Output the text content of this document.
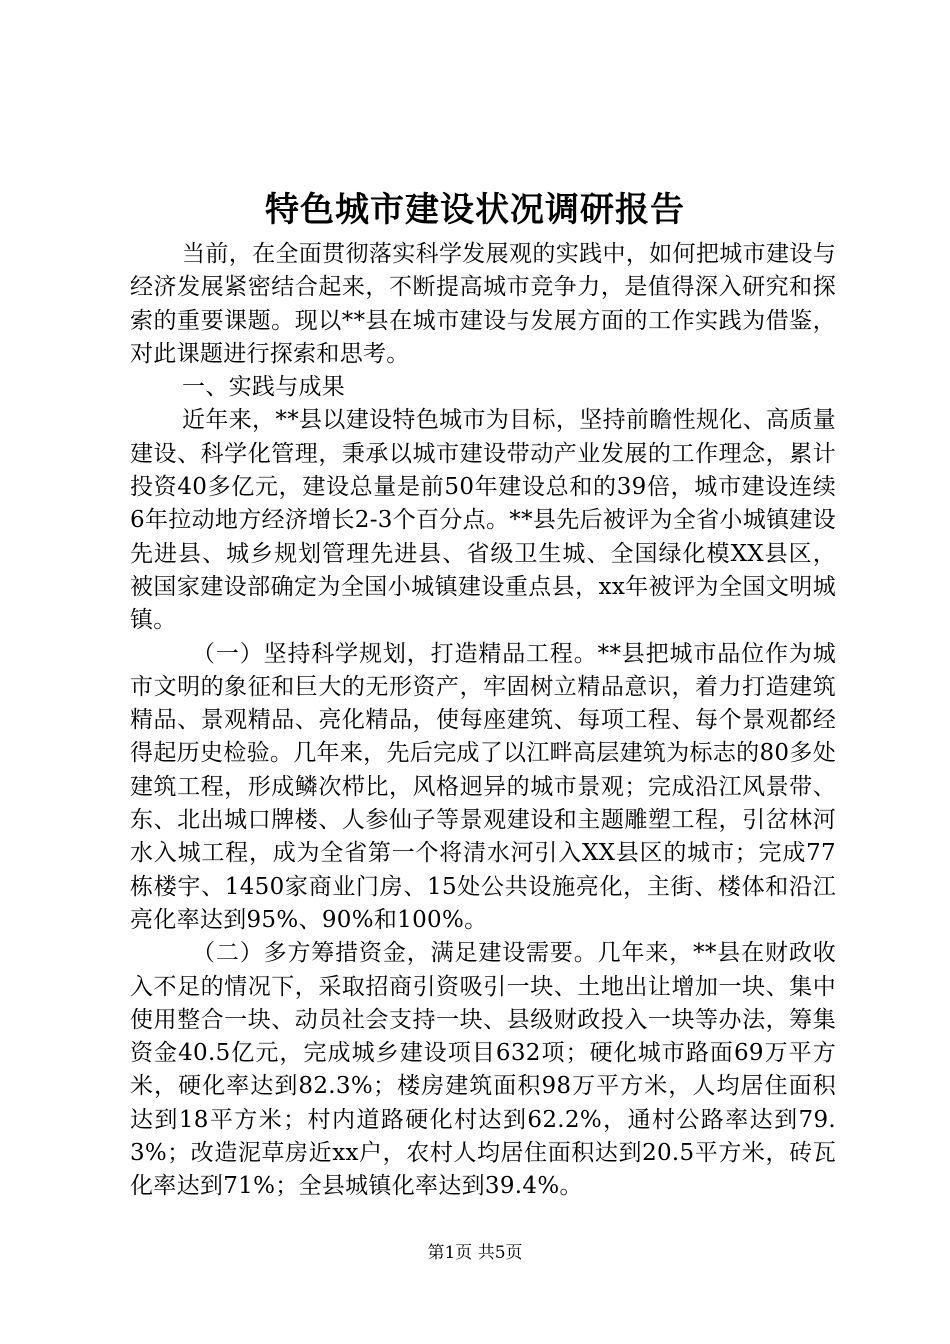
特色城市建设状况调研报告

当前，在全面贯彻落实科学发展观的实践中，如何把城市建设与经济发展紧密结合起来，不断提高城市竞争力，是值得深入研究和探索的重要课题。现以**县在城市建设与发展方面的工作实践为借鉴，对此课题进行探索和思考。

一、实践与成果

近年来，**县以建设特色城市为目标，坚持前瞻性规化、高质量建设、科学化管理，秉承以城市建设带动产业发展的工作理念，累计投资40多亿元，建设总量是前50年建设总和的39倍，城市建设连续6年拉动地方经济增长2-3个百分点。**县先后被评为全省小城镇建设先进县、城乡规划管理先进县、省级卫生城、全国绿化模XX县区，被国家建设部确定为全国小城镇建设重点县，xx年被评为全国文明城镇。

（一）坚持科学规划，打造精品工程。**县把城市品位作为城市文明的象征和巨大的无形资产，牢固树立精品意识，着力打造建筑精品、景观精品、亮化精品，使每座建筑、每项工程、每个景观都经得起历史检验。几年来，先后完成了以江畔高层建筑为标志的80多处建筑工程，形成鳞次栉比，风格迥异的城市景观；完成沿江风景带、东、北出城口牌楼、人参仙子等景观建设和主题雕塑工程，引岔林河水入城工程，成为全省第一个将清水河引入XX县区的城市；完成77栋楼宇、1450家商业门房、15处公共设施亮化，主街、楼体和沿江亮化率达到95%、90%和100%。

（二）多方筹措资金，满足建设需要。几年来，**县在财政收入不足的情况下，采取招商引资吸引一块、土地出让增加一块、集中使用整合一块、动员社会支持一块、县级财政投入一块等办法，筹集资金40.5亿元，完成城乡建设项目632项；硬化城市路面69万平方米，硬化率达到82.3%；楼房建筑面积98万平方米，人均居住面积达到18平方米；村内道路硬化村达到62.2%，通村公路率达到79.3%；改造泥草房近xx户，农村人均居住面积达到20.5平方米，砖瓦化率达到71%；全县城镇化率达到39.4%。

第1页 共5页
